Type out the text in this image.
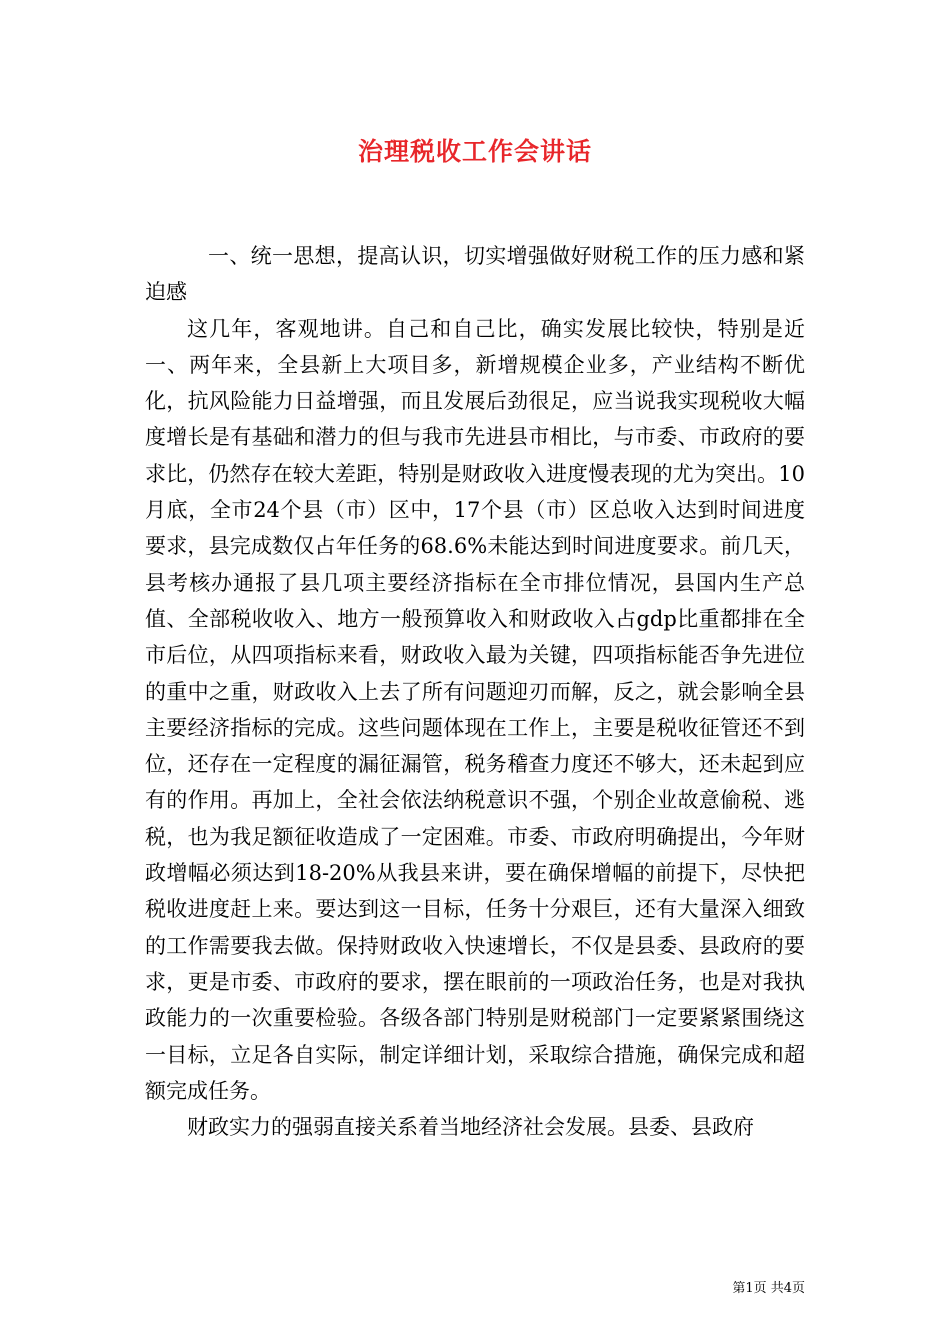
治理税收工作会讲话

一、统一思想，提高认识，切实增强做好财税工作的压力感和紧迫感

这几年，客观地讲。自己和自己比，确实发展比较快，特别是近一、两年来，全县新上大项目多，新增规模企业多，产业结构不断优化，抗风险能力日益增强，而且发展后劲很足，应当说我实现税收大幅度增长是有基础和潜力的但与我市先进县市相比，与市委、市政府的要求比，仍然存在较大差距，特别是财政收入进度慢表现的尤为突出。10月底，全市24个县（市）区中，17个县（市）区总收入达到时间进度要求，县完成数仅占年任务的68.6%未能达到时间进度要求。前几天，县考核办通报了县几项主要经济指标在全市排位情况，县国内生产总值、全部税收收入、地方一般预算收入和财政收入占gdp比重都排在全市后位，从四项指标来看，财政收入最为关键，四项指标能否争先进位的重中之重，财政收入上去了所有问题迎刃而解，反之，就会影响全县主要经济指标的完成。这些问题体现在工作上，主要是税收征管还不到位，还存在一定程度的漏征漏管，税务稽查力度还不够大，还未起到应有的作用。再加上，全社会依法纳税意识不强，个别企业故意偷税、逃税，也为我足额征收造成了一定困难。市委、市政府明确提出，今年财政增幅必须达到18-20%从我县来讲，要在确保增幅的前提下，尽快把税收进度赶上来。要达到这一目标，任务十分艰巨，还有大量深入细致的工作需要我去做。保持财政收入快速增长，不仅是县委、县政府的要求，更是市委、市政府的要求，摆在眼前的一项政治任务，也是对我执政能力的一次重要检验。各级各部门特别是财税部门一定要紧紧围绕这一目标，立足各自实际，制定详细计划，采取综合措施，确保完成和超额完成任务。

财政实力的强弱直接关系着当地经济社会发展。县委、县政府

第1页 共4页
